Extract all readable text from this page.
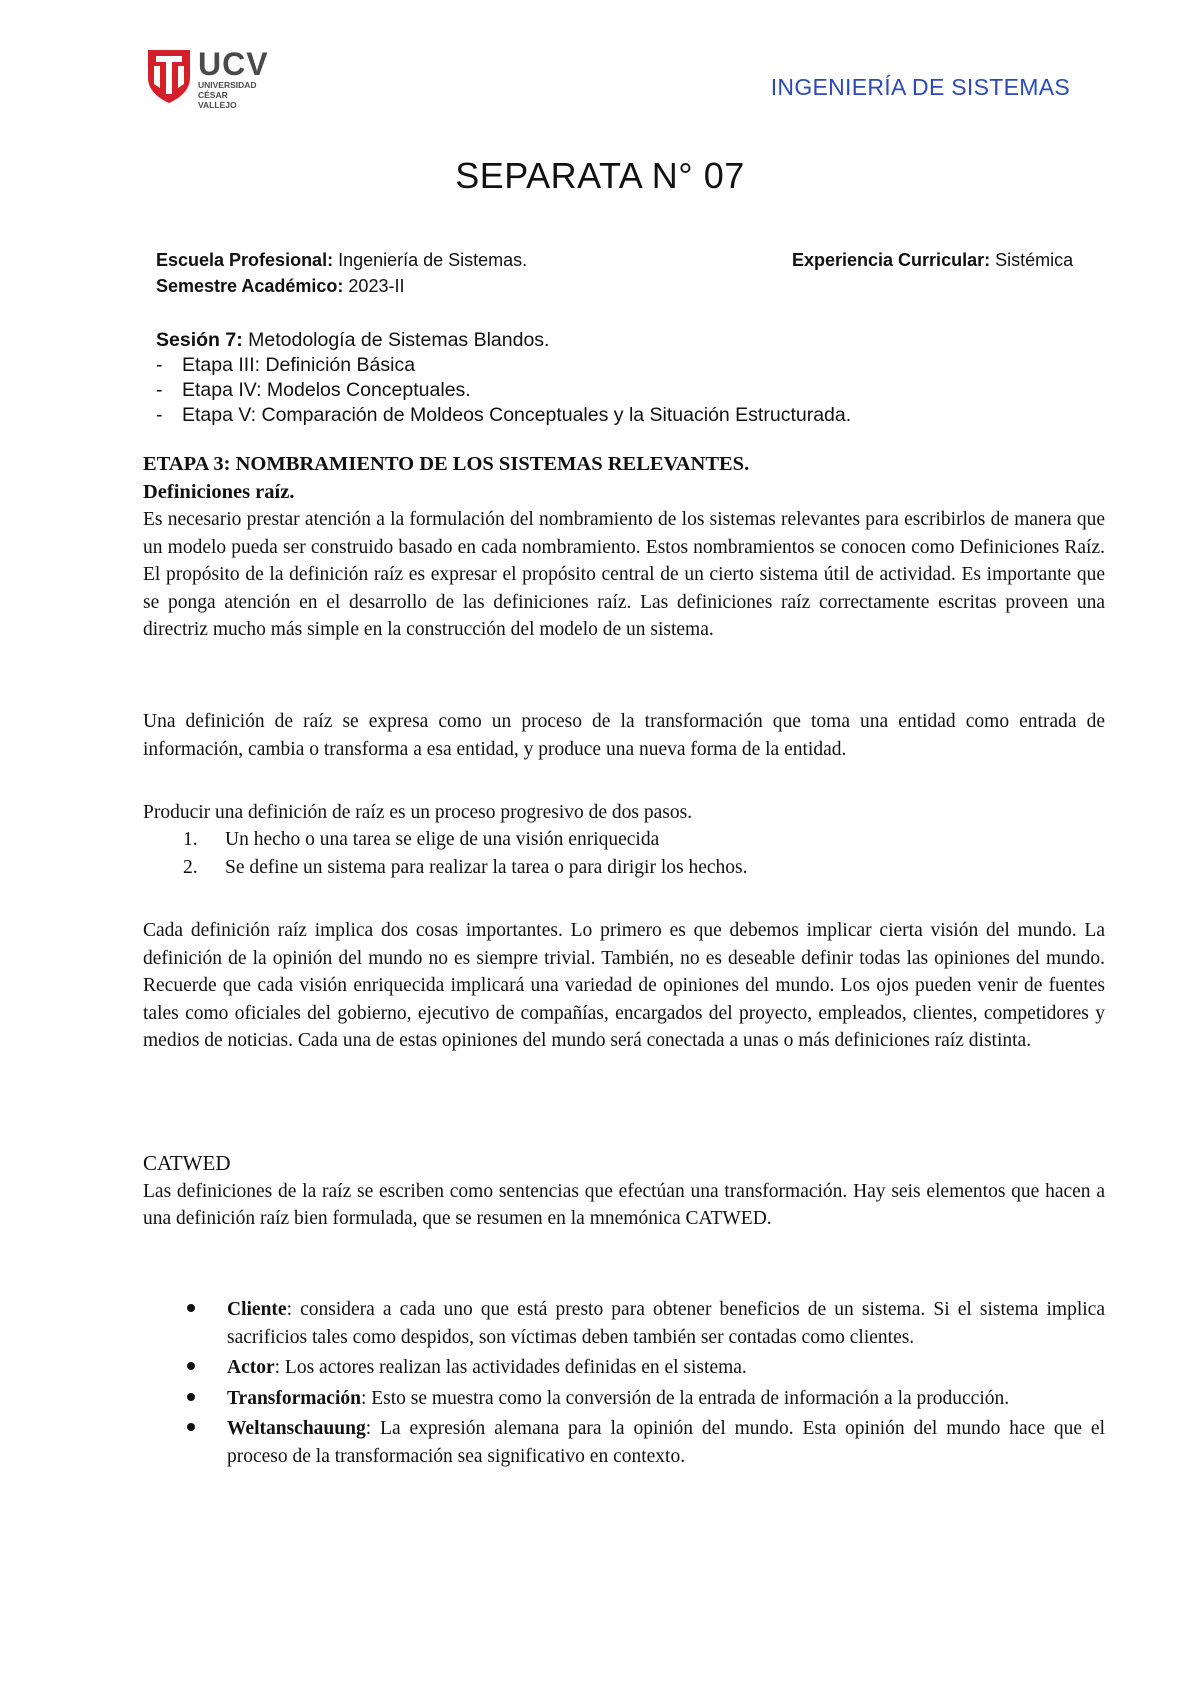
UCV
UNIVERSIDAD
CÉSAR VALLEJO
INGENIERÍA DE SISTEMAS
SEPARATA N° 07
Escuela Profesional: Ingeniería de Sistemas.	Experiencia Curricular: Sistémica
Semestre Académico: 2023-II
Sesión 7: Metodología de Sistemas Blandos.
- Etapa III: Definición Básica
- Etapa IV: Modelos Conceptuales.
- Etapa V: Comparación de Moldeos Conceptuales y la Situación Estructurada.

ETAPA 3: NOMBRAMIENTO DE LOS SISTEMAS RELEVANTES.

Definiciones raíz.

Es necesario prestar atención a la formulación del nombramiento de los sistemas relevantes para escribirlos de manera que un modelo pueda ser construido basado en cada nombramiento. Estos nombramientos se conocen como Definiciones Raíz. El propósito de la definición raíz es expresar el propósito central de un cierto sistema útil de actividad. Es importante que se ponga atención en el desarrollo de las definiciones raíz. Las definiciones raíz correctamente escritas proveen una directriz mucho más simple en la construcción del modelo de un sistema.

Una definición de raíz se expresa como un proceso de la transformación que toma una entidad como entrada de información, cambia o transforma a esa entidad, y produce una nueva forma de la entidad.

Producir una definición de raíz es un proceso progresivo de dos pasos.

1.	Un hecho o una tarea se elige de una visión enriquecida
2.	Se define un sistema para realizar la tarea o para dirigir los hechos.

Cada definición raíz implica dos cosas importantes. Lo primero es que debemos implicar cierta visión del mundo. La definición de la opinión del mundo no es siempre trivial. También, no es deseable definir todas las opiniones del mundo. Recuerde que cada visión enriquecida implicará una variedad de opiniones del mundo. Los ojos pueden venir de fuentes tales como oficiales del gobierno, ejecutivo de compañías, encargados del proyecto, empleados, clientes, competidores y medios de noticias. Cada una de estas opiniones del mundo será conectada a unas o más definiciones raíz distinta.

CATWED

Las definiciones de la raíz se escriben como sentencias que efectúan una transformación. Hay seis elementos que hacen a una definición raíz bien formulada, que se resumen en la mnemónica CATWED.

Cliente: considera a cada uno que está presto para obtener beneficios de un sistema. Si el sistema implica sacrificios tales como despidos, son víctimas deben también ser contadas como clientes.
Actor: Los actores realizan las actividades definidas en el sistema.
Transformación: Esto se muestra como la conversión de la entrada de información a la producción.
Weltanschauung: La expresión alemana para la opinión del mundo. Esta opinión del mundo hace que el proceso de la transformación sea significativo en contexto.
